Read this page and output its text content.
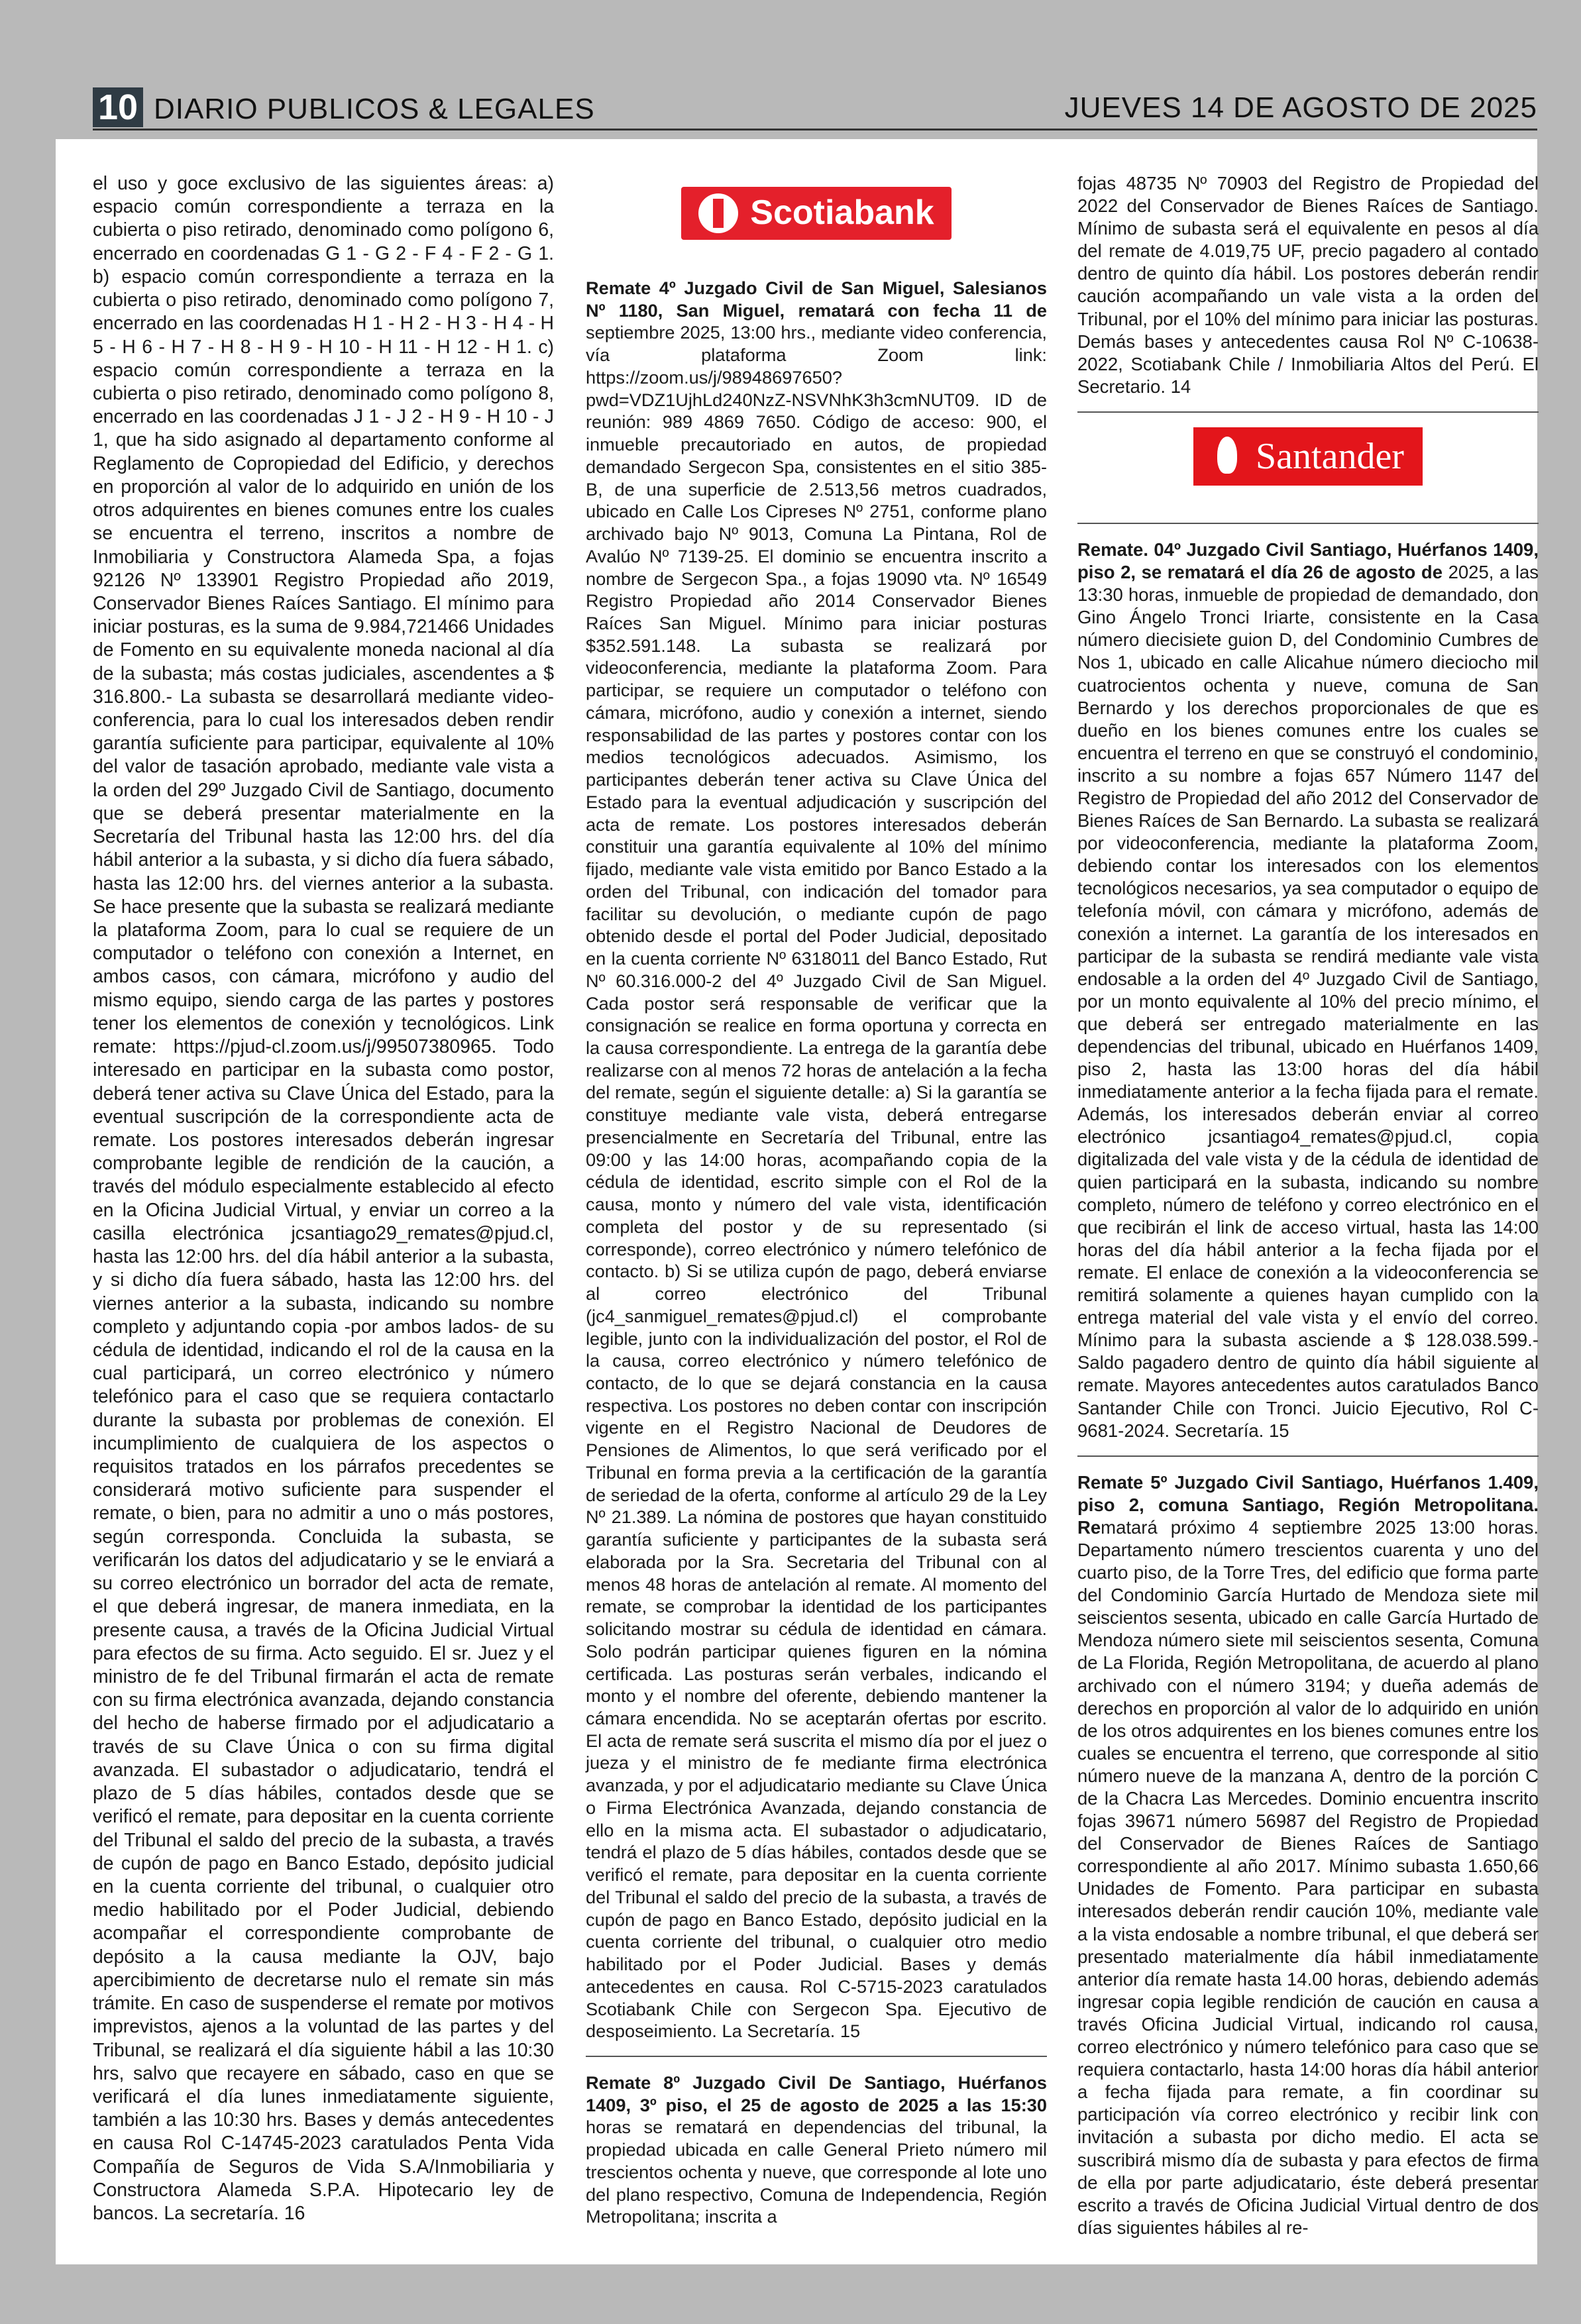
10 DIARIO PUBLICOS & LEGALES	JUEVES 14 DE AGOSTO DE 2025

el uso y goce exclusivo de las siguientes áreas: a) espacio común correspondiente a terraza en la cubierta o piso retirado, denominado como polígono 6, encerrado en coordenadas G 1 - G 2 - F 4 - F 2 - G 1. b) espacio común correspondiente a terraza en la cubierta o piso retirado, denominado como polígono 7, encerrado en las coordenadas H 1 - H 2 - H 3 - H 4 - H 5 - H 6 - H 7 - H 8 - H 9 - H 10 - H 11 - H 12 - H 1. c) espacio común correspondiente a terraza en la cubierta o piso retirado, denominado como polígono 8, encerrado en las coordenadas J 1 - J 2 - H 9 - H 10 - J 1, que ha sido asignado al departamento conforme al Reglamento de Copropiedad del Edificio, y derechos en proporción al valor de lo adquirido en unión de los otros adquirentes en bienes comunes entre los cuales se encuentra el terreno, inscritos a nombre de Inmobiliaria y Constructora Alameda Spa, a fojas 92126 Nº 133901 Registro Propiedad año 2019, Conservador Bienes Raíces Santiago. El mínimo para iniciar posturas, es la suma de 9.984,721466 Unidades de Fomento en su equivalente moneda nacional al día de la subasta; más costas judiciales, ascendentes a $ 316.800.- La subasta se desarrollará mediante video-conferencia, para lo cual los interesados deben rendir garantía suficiente para participar, equivalente al 10% del valor de tasación aprobado, mediante vale vista a la orden del 29º Juzgado Civil de Santiago, documento que se deberá presentar materialmente en la Secretaría del Tribunal hasta las 12:00 hrs. del día hábil anterior a la subasta, y si dicho día fuera sábado, hasta las 12:00 hrs. del viernes anterior a la subasta. Se hace presente que la subasta se realizará mediante la plataforma Zoom, para lo cual se requiere de un computador o teléfono con conexión a Internet, en ambos casos, con cámara, micrófono y audio del mismo equipo, siendo carga de las partes y postores tener los elementos de conexión y tecnológicos. Link remate: https://pjud-cl.zoom.us/j/99507380965. Todo interesado en participar en la subasta como postor, deberá tener activa su Clave Única del Estado, para la eventual suscripción de la correspondiente acta de remate. Los postores interesados deberán ingresar comprobante legible de rendición de la caución, a través del módulo especialmente establecido al efecto en la Oficina Judicial Virtual, y enviar un correo a la casilla electrónica jcsantiago29_remates@pjud.cl, hasta las 12:00 hrs. del día hábil anterior a la subasta, y si dicho día fuera sábado, hasta las 12:00 hrs. del viernes anterior a la subasta, indicando su nombre completo y adjuntando copia -por ambos lados- de su cédula de identidad, indicando el rol de la causa en la cual participará, un correo electrónico y número telefónico para el caso que se requiera contactarlo durante la subasta por problemas de conexión. El incumplimiento de cualquiera de los aspectos o requisitos tratados en los párrafos precedentes se considerará motivo suficiente para suspender el remate, o bien, para no admitir a uno o más postores, según corresponda. Concluida la subasta, se verificarán los datos del adjudicatario y se le enviará a su correo electrónico un borrador del acta de remate, el que deberá ingresar, de manera inmediata, en la presente causa, a través de la Oficina Judicial Virtual para efectos de su firma. Acto seguido. El sr. Juez y el ministro de fe del Tribunal firmarán el acta de remate con su firma electrónica avanzada, dejando constancia del hecho de haberse firmado por el adjudicatario a través de su Clave Única o con su firma digital avanzada. El subastador o adjudicatario, tendrá el plazo de 5 días hábiles, contados desde que se verificó el remate, para depositar en la cuenta corriente del Tribunal el saldo del precio de la subasta, a través de cupón de pago en Banco Estado, depósito judicial en la cuenta corriente del tribunal, o cualquier otro medio habilitado por el Poder Judicial, debiendo acompañar el correspondiente comprobante de depósito a la causa mediante la OJV, bajo apercibimiento de decretarse nulo el remate sin más trámite. En caso de suspenderse el remate por motivos imprevistos, ajenos a la voluntad de las partes y del Tribunal, se realizará el día siguiente hábil a las 10:30 hrs, salvo que recayere en sábado, caso en que se verificará el día lunes inmediatamente siguiente, también a las 10:30 hrs. Bases y demás antecedentes en causa Rol C-14745-2023 caratulados Penta Vida Compañía de Seguros de Vida S.A/Inmobiliaria y Constructora Alameda S.P.A. Hipotecario ley de bancos. La secretaría. 16

Scotiabank

Remate 4º Juzgado Civil de San Miguel, Salesianos Nº 1180, San Miguel, rematará con fecha 11 de septiembre 2025, 13:00 hrs., mediante video conferencia, vía plataforma Zoom link: https://zoom.us/j/98948697650?pwd=VDZ1UjhLd240NzZ-NSVNhK3h3cmNUT09. ID de reunión: 989 4869 7650. Código de acceso: 900, el inmueble precautoriado en autos, de propiedad demandado Sergecon Spa, consistentes en el sitio 385-B, de una superficie de 2.513,56 metros cuadrados, ubicado en Calle Los Cipreses Nº 2751, conforme plano archivado bajo Nº 9013, Comuna La Pintana, Rol de Avalúo Nº 7139-25. El dominio se encuentra inscrito a nombre de Sergecon Spa., a fojas 19090 vta. Nº 16549 Registro Propiedad año 2014 Conservador Bienes Raíces San Miguel. Mínimo para iniciar posturas $352.591.148. La subasta se realizará por videoconferencia, mediante la plataforma Zoom. Para participar, se requiere un computador o teléfono con cámara, micrófono, audio y conexión a internet, siendo responsabilidad de las partes y postores contar con los medios tecnológicos adecuados. Asimismo, los participantes deberán tener activa su Clave Única del Estado para la eventual adjudicación y suscripción del acta de remate. Los postores interesados deberán constituir una garantía equivalente al 10% del mínimo fijado, mediante vale vista emitido por Banco Estado a la orden del Tribunal, con indicación del tomador para facilitar su devolución, o mediante cupón de pago obtenido desde el portal del Poder Judicial, depositado en la cuenta corriente Nº 6318011 del Banco Estado, Rut Nº 60.316.000-2 del 4º Juzgado Civil de San Miguel. Cada postor será responsable de verificar que la consignación se realice en forma oportuna y correcta en la causa correspondiente. La entrega de la garantía debe realizarse con al menos 72 horas de antelación a la fecha del remate, según el siguiente detalle: a) Si la garantía se constituye mediante vale vista, deberá entregarse presencialmente en Secretaría del Tribunal, entre las 09:00 y las 14:00 horas, acompañando copia de la cédula de identidad, escrito simple con el Rol de la causa, monto y número del vale vista, identificación completa del postor y de su representado (si corresponde), correo electrónico y número telefónico de contacto. b) Si se utiliza cupón de pago, deberá enviarse al correo electrónico del Tribunal (jc4_sanmiguel_remates@pjud.cl) el comprobante legible, junto con la individualización del postor, el Rol de la causa, correo electrónico y número telefónico de contacto, de lo que se dejará constancia en la causa respectiva. Los postores no deben contar con inscripción vigente en el Registro Nacional de Deudores de Pensiones de Alimentos, lo que será verificado por el Tribunal en forma previa a la certificación de la garantía de seriedad de la oferta, conforme al artículo 29 de la Ley Nº 21.389. La nómina de postores que hayan constituido garantía suficiente y participantes de la subasta será elaborada por la Sra. Secretaria del Tribunal con al menos 48 horas de antelación al remate. Al momento del remate, se comprobar la identidad de los participantes solicitando mostrar su cédula de identidad en cámara. Solo podrán participar quienes figuren en la nómina certificada. Las posturas serán verbales, indicando el monto y el nombre del oferente, debiendo mantener la cámara encendida. No se aceptarán ofertas por escrito. El acta de remate será suscrita el mismo día por el juez o jueza y el ministro de fe mediante firma electrónica avanzada, y por el adjudicatario mediante su Clave Única o Firma Electrónica Avanzada, dejando constancia de ello en la misma acta. El subastador o adjudicatario, tendrá el plazo de 5 días hábiles, contados desde que se verificó el remate, para depositar en la cuenta corriente del Tribunal el saldo del precio de la subasta, a través de cupón de pago en Banco Estado, depósito judicial en la cuenta corriente del tribunal, o cualquier otro medio habilitado por el Poder Judicial. Bases y demás antecedentes en causa. Rol C-5715-2023 caratulados Scotiabank Chile con Sergecon Spa. Ejecutivo de desposeimiento. La Secretaría. 15

Remate 8º Juzgado Civil De Santiago, Huérfanos 1409, 3º piso, el 25 de agosto de 2025 a las 15:30 horas se rematará en dependencias del tribunal, la propiedad ubicada en calle General Prieto número mil trescientos ochenta y nueve, que corresponde al lote uno del plano respectivo, Comuna de Independencia, Región Metropolitana; inscrita a

fojas 48735 Nº 70903 del Registro de Propiedad del 2022 del Conservador de Bienes Raíces de Santiago. Mínimo de subasta será el equivalente en pesos al día del remate de 4.019,75 UF, precio pagadero al contado dentro de quinto día hábil. Los postores deberán rendir caución acompañando un vale vista a la orden del Tribunal, por el 10% del mínimo para iniciar las posturas. Demás bases y antecedentes causa Rol Nº C-10638-2022, Scotiabank Chile / Inmobiliaria Altos del Perú. El Secretario. 14

Santander

Remate. 04º Juzgado Civil Santiago, Huérfanos 1409, piso 2, se rematará el día 26 de agosto de 2025, a las 13:30 horas, inmueble de propiedad de demandado, don Gino Ángelo Tronci Iriarte, consistente en la Casa número diecisiete guion D, del Condominio Cumbres de Nos 1, ubicado en calle Alicahue número dieciocho mil cuatrocientos ochenta y nueve, comuna de San Bernardo y los derechos proporcionales de que es dueño en los bienes comunes entre los cuales se encuentra el terreno en que se construyó el condominio, inscrito a su nombre a fojas 657 Número 1147 del Registro de Propiedad del año 2012 del Conservador de Bienes Raíces de San Bernardo. La subasta se realizará por videoconferencia, mediante la plataforma Zoom, debiendo contar los interesados con los elementos tecnológicos necesarios, ya sea computador o equipo de telefonía móvil, con cámara y micrófono, además de conexión a internet. La garantía de los interesados en participar de la subasta se rendirá mediante vale vista endosable a la orden del 4º Juzgado Civil de Santiago, por un monto equivalente al 10% del precio mínimo, el que deberá ser entregado materialmente en las dependencias del tribunal, ubicado en Huérfanos 1409, piso 2, hasta las 13:00 horas del día hábil inmediatamente anterior a la fecha fijada para el remate. Además, los interesados deberán enviar al correo electrónico jcsantiago4_remates@pjud.cl, copia digitalizada del vale vista y de la cédula de identidad de quien participará en la subasta, indicando su nombre completo, número de teléfono y correo electrónico en el que recibirán el link de acceso virtual, hasta las 14:00 horas del día hábil anterior a la fecha fijada por el remate. El enlace de conexión a la videoconferencia se remitirá solamente a quienes hayan cumplido con la entrega material del vale vista y el envío del correo. Mínimo para la subasta asciende a $ 128.038.599.- Saldo pagadero dentro de quinto día hábil siguiente al remate. Mayores antecedentes autos caratulados Banco Santander Chile con Tronci. Juicio Ejecutivo, Rol C-9681-2024. Secretaría. 15

Remate 5º Juzgado Civil Santiago, Huérfanos 1.409, piso 2, comuna Santiago, Región Metropolitana. Rematará próximo 4 septiembre 2025 13:00 horas. Departamento número trescientos cuarenta y uno del cuarto piso, de la Torre Tres, del edificio que forma parte del Condominio García Hurtado de Mendoza siete mil seiscientos sesenta, ubicado en calle García Hurtado de Mendoza número siete mil seiscientos sesenta, Comuna de La Florida, Región Metropolitana, de acuerdo al plano archivado con el número 3194; y dueña además de derechos en proporción al valor de lo adquirido en unión de los otros adquirentes en los bienes comunes entre los cuales se encuentra el terreno, que corresponde al sitio número nueve de la manzana A, dentro de la porción C de la Chacra Las Mercedes. Dominio encuentra inscrito fojas 39671 número 56987 del Registro de Propiedad del Conservador de Bienes Raíces de Santiago correspondiente al año 2017. Mínimo subasta 1.650,66 Unidades de Fomento. Para participar en subasta interesados deberán rendir caución 10%, mediante vale a la vista endosable a nombre tribunal, el que deberá ser presentado materialmente día hábil inmediatamente anterior día remate hasta 14.00 horas, debiendo además ingresar copia legible rendición de caución en causa a través Oficina Judicial Virtual, indicando rol causa, correo electrónico y número telefónico para caso que se requiera contactarlo, hasta 14:00 horas día hábil anterior a fecha fijada para remate, a fin coordinar su participación vía correo electrónico y recibir link con invitación a subasta por dicho medio. El acta se suscribirá mismo día de subasta y para efectos de firma de ella por parte adjudicatario, éste deberá presentar escrito a través de Oficina Judicial Virtual dentro de dos días siguientes hábiles al re-
